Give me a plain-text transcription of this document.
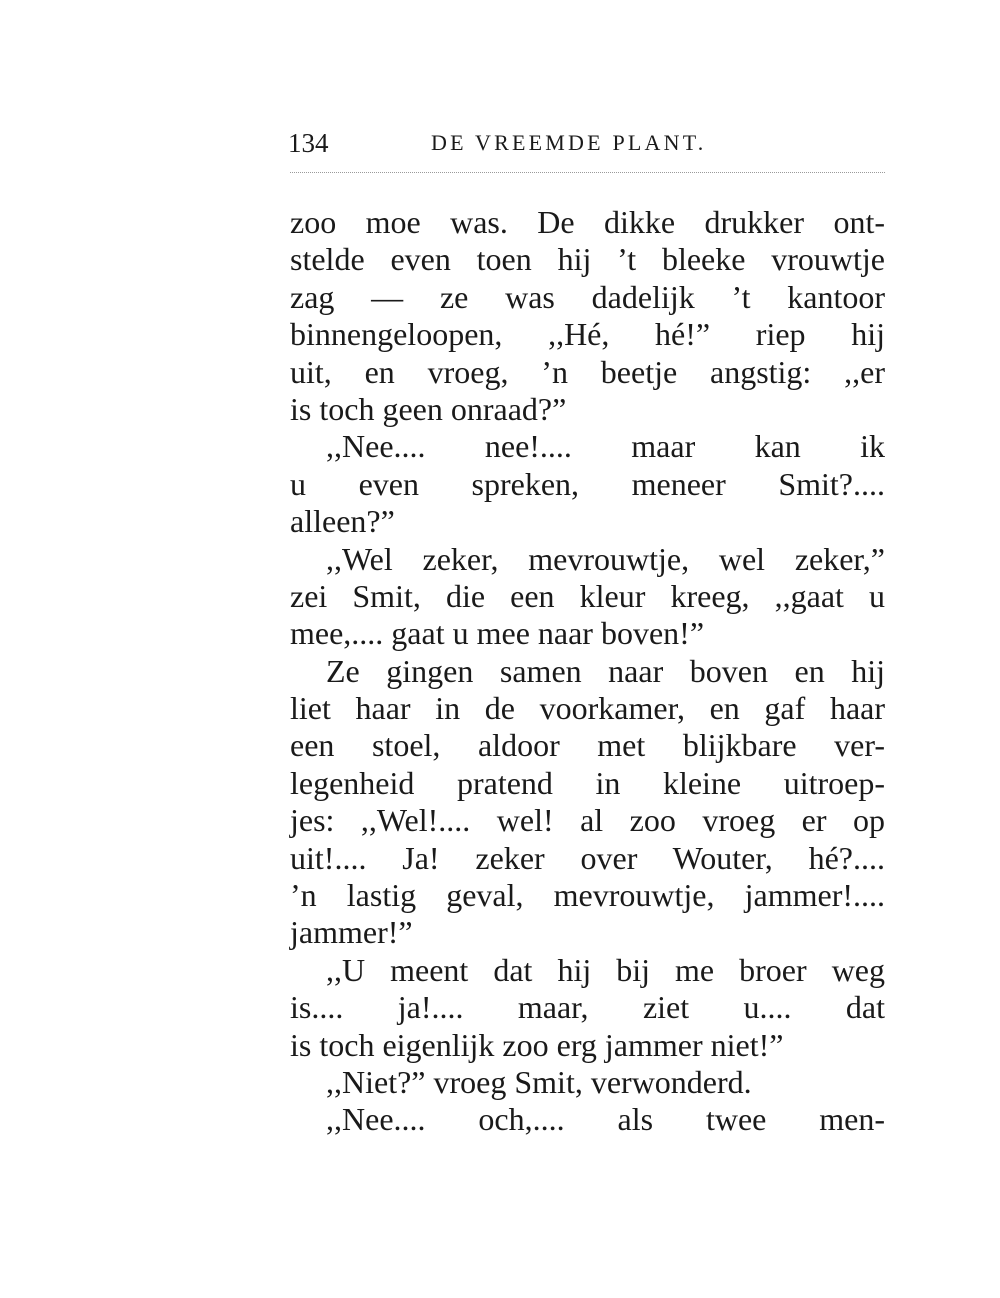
134	DE VREEMDE PLANT.
zoo moe was. De dikke drukker ont-
stelde even toen hij ’t bleeke vrouwtje
zag — ze was dadelijk ’t kantoor
binnengeloopen, ,,Hé, hé!” riep hij
uit, en vroeg, ’n beetje angstig: ,,er
is toch geen onraad?”
,,Nee.... nee!.... maar kan ik
u even spreken, meneer Smit?....
alleen?”
,,Wel zeker, mevrouwtje, wel zeker,”
zei Smit, die een kleur kreeg, ,,gaat u
mee,.... gaat u mee naar boven!”
Ze gingen samen naar boven en hij
liet haar in de voorkamer, en gaf haar
een stoel, aldoor met blijkbare ver-
legenheid pratend in kleine uitroep-
jes: ,,Wel!.... wel! al zoo vroeg er op
uit!.... Ja! zeker over Wouter, hé?....
’n lastig geval, mevrouwtje, jammer!....
jammer!”
,,U meent dat hij bij me broer weg
is.... ja!.... maar, ziet u.... dat
is toch eigenlijk zoo erg jammer niet!”
,,Niet?” vroeg Smit, verwonderd.
,,Nee.... och,.... als twee men-
